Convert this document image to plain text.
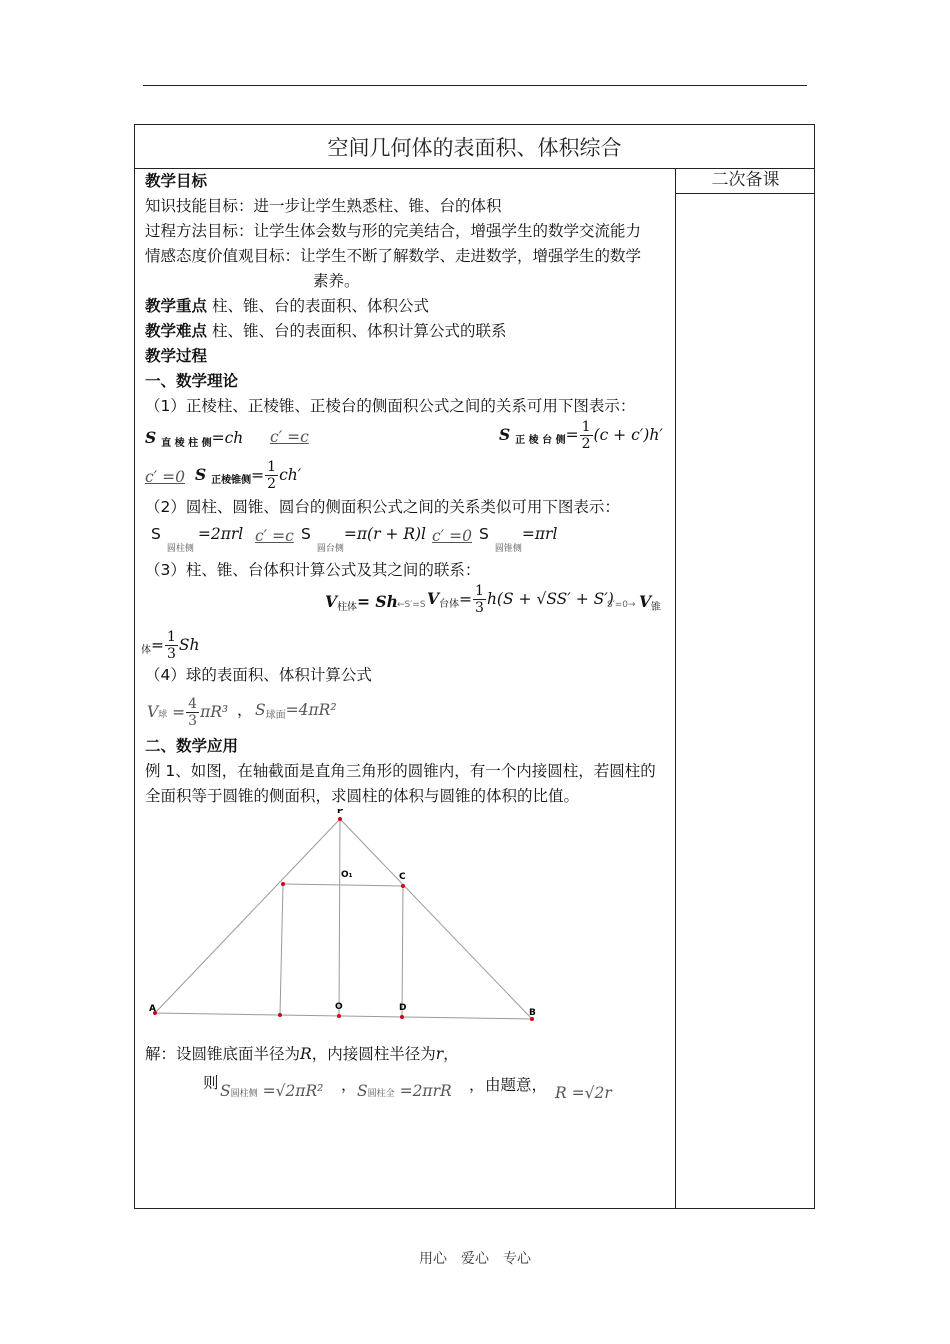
空间几何体的表面积、体积综合
二次备课
教学目标
知识技能目标：进一步让学生熟悉柱、锥、台的体积
过程方法目标：让学生体会数与形的完美结合，增强学生的数学交流能力
情感态度价值观目标：让学生不断了解数学、走进数学，增强学生的数学
素养。
教学重点 柱、锥、台的表面积、体积公式
教学难点 柱、锥、台的表面积、体积计算公式的联系
教学过程
一、数学理论
（1）正棱柱、正棱锥、正棱台的侧面积公式之间的关系可用下图表示：
S $_{直 棱 柱 侧}$=ch c′ =c	S $_{正 棱 台 侧}= \frac{1}{2} (c + c')h'$
c′ =0 S $_{正棱锥侧}= \frac{1}{2} ch'$
（2）圆柱、圆锥、圆台的侧面积公式之间的关系类似可用下图表示：
$S_{圆柱侧}=2\pi rl$ c′ =c $S_{圆台侧}=\pi(r + R)l$ c′ =0 $S_{圆锥侧}=\pi rl$
（3）柱、锥、台体积计算公式及其之间的联系：
$V_{柱体}= Sh$ ←S′=S $V_{台体}= \frac{1}{3} h(S + √SS' + S')$
$S'=0\to V_锥$
$_体= \frac{1}{3}$ Sh
（4）球的表面积、体积计算公式
V球 = $\frac{4}{3} \pi R^3$ ， $S_{球面}=4\pi R^2$
二、数学应用
例 1、如图，在轴截面是直角三角形的圆锥内，有一个内接圆柱，若圆柱的
全面积等于圆锥的侧面积，求圆柱的体积与圆锥的体积的比值。
P
O₁	C
A	O	D	B
解：设圆锥底面半径为R，内接圆柱半径为r，
则 S圆柱侧 =√2πR² ， S圆柱全 =2πrR ， 由题意， R =√2r
用心　爱心　专心
